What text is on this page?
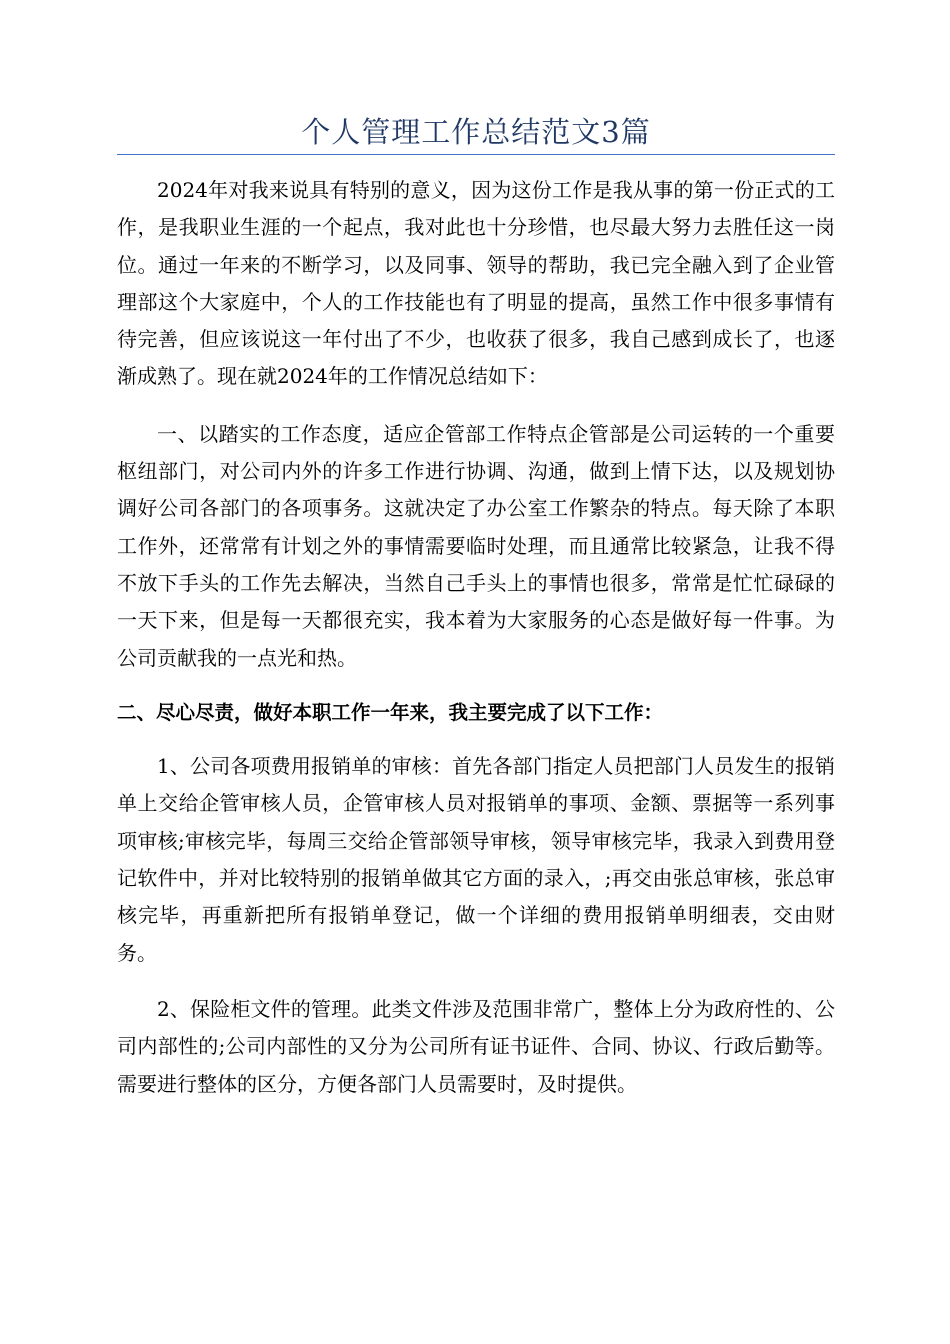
个人管理工作总结范文3篇

2024年对我来说具有特别的意义，因为这份工作是我从事的第一份正式的工作，是我职业生涯的一个起点，我对此也十分珍惜，也尽最大努力去胜任这一岗位。通过一年来的不断学习，以及同事、领导的帮助，我已完全融入到了企业管理部这个大家庭中，个人的工作技能也有了明显的提高，虽然工作中很多事情有待完善，但应该说这一年付出了不少，也收获了很多，我自己感到成长了，也逐渐成熟了。现在就2024年的工作情况总结如下：

一、以踏实的工作态度，适应企管部工作特点企管部是公司运转的一个重要枢纽部门，对公司内外的许多工作进行协调、沟通，做到上情下达，以及规划协调好公司各部门的各项事务。这就决定了办公室工作繁杂的特点。每天除了本职工作外，还常常有计划之外的事情需要临时处理，而且通常比较紧急，让我不得不放下手头的工作先去解决，当然自己手头上的事情也很多，常常是忙忙碌碌的一天下来，但是每一天都很充实，我本着为大家服务的心态是做好每一件事。为公司贡献我的一点光和热。

二、尽心尽责，做好本职工作一年来，我主要完成了以下工作：

1、公司各项费用报销单的审核：首先各部门指定人员把部门人员发生的报销单上交给企管审核人员，企管审核人员对报销单的事项、金额、票据等一系列事项审核;审核完毕，每周三交给企管部领导审核，领导审核完毕，我录入到费用登记软件中，并对比较特别的报销单做其它方面的录入，;再交由张总审核，张总审核完毕，再重新把所有报销单登记，做一个详细的费用报销单明细表，交由财务。

2、保险柜文件的管理。此类文件涉及范围非常广，整体上分为政府性的、公司内部性的;公司内部性的又分为公司所有证书证件、合同、协议、行政后勤等。需要进行整体的区分，方便各部门人员需要时，及时提供。
